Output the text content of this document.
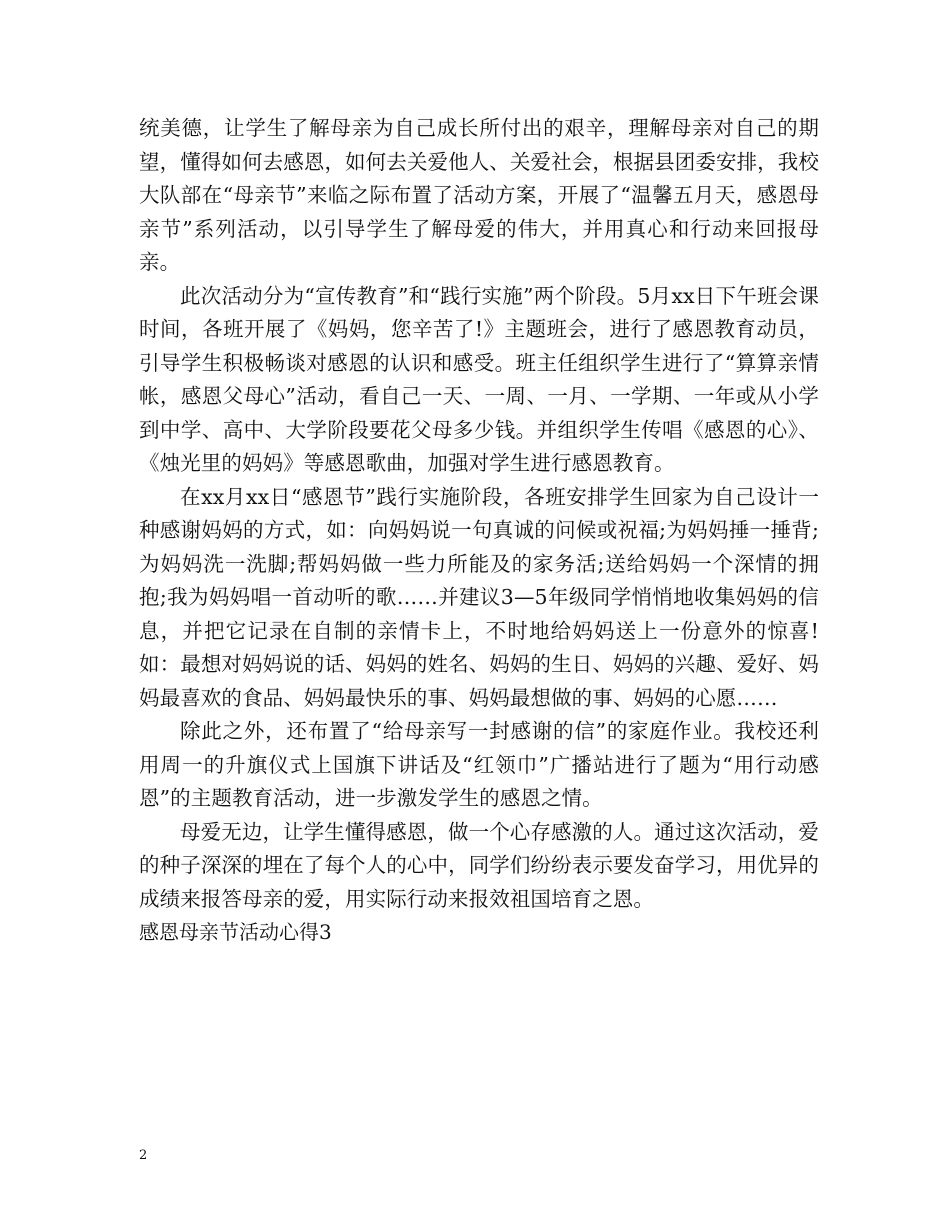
统美德，让学生了解母亲为自己成长所付出的艰辛，理解母亲对自己的期望，懂得如何去感恩，如何去关爱他人、关爱社会，根据县团委安排，我校大队部在“母亲节”来临之际布置了活动方案，开展了“温馨五月天，感恩母亲节”系列活动，以引导学生了解母爱的伟大，并用真心和行动来回报母亲。

此次活动分为“宣传教育”和“践行实施”两个阶段。5月xx日下午班会课时间，各班开展了《妈妈，您辛苦了!》主题班会，进行了感恩教育动员，引导学生积极畅谈对感恩的认识和感受。班主任组织学生进行了“算算亲情帐，感恩父母心”活动，看自己一天、一周、一月、一学期、一年或从小学到中学、高中、大学阶段要花父母多少钱。并组织学生传唱《感恩的心》、《烛光里的妈妈》等感恩歌曲，加强对学生进行感恩教育。

在xx月xx日“感恩节”践行实施阶段，各班安排学生回家为自己设计一种感谢妈妈的方式，如：向妈妈说一句真诚的问候或祝福;为妈妈捶一捶背;为妈妈洗一洗脚;帮妈妈做一些力所能及的家务活;送给妈妈一个深情的拥抱;我为妈妈唱一首动听的歌……并建议3—5年级同学悄悄地收集妈妈的信息，并把它记录在自制的亲情卡上，不时地给妈妈送上一份意外的惊喜!如：最想对妈妈说的话、妈妈的姓名、妈妈的生日、妈妈的兴趣、爱好、妈妈最喜欢的食品、妈妈最快乐的事、妈妈最想做的事、妈妈的心愿……

除此之外，还布置了“给母亲写一封感谢的信”的家庭作业。我校还利用周一的升旗仪式上国旗下讲话及“红领巾”广播站进行了题为“用行动感恩”的主题教育活动，进一步激发学生的感恩之情。

母爱无边，让学生懂得感恩，做一个心存感激的人。通过这次活动，爱的种子深深的埋在了每个人的心中，同学们纷纷表示要发奋学习，用优异的成绩来报答母亲的爱，用实际行动来报效祖国培育之恩。

感恩母亲节活动心得3

2
